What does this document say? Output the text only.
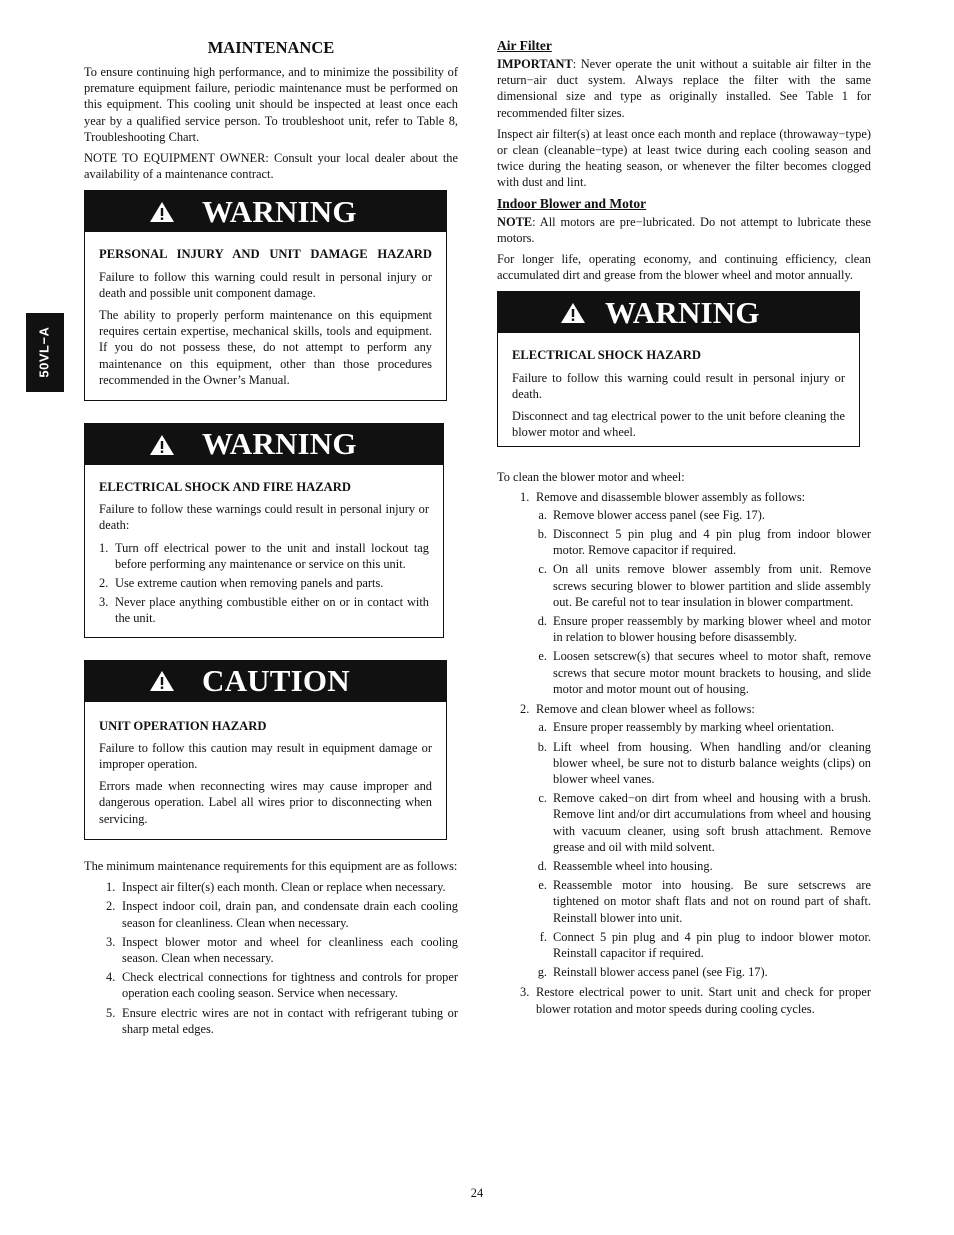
50VL−A
MAINTENANCE
To ensure continuing high performance, and to minimize the possibility of premature equipment failure, periodic maintenance must be performed on this equipment. This cooling unit should be inspected at least once each year by a qualified service person. To troubleshoot unit, refer to Table 8, Troubleshooting Chart.
NOTE TO EQUIPMENT OWNER: Consult your local dealer about the availability of a maintenance contract.
WARNING
PERSONAL INJURY AND UNIT DAMAGE HAZARD
Failure to follow this warning could result in personal injury or death and possible unit component damage.
The ability to properly perform maintenance on this equipment requires certain expertise, mechanical skills, tools and equipment. If you do not possess these, do not attempt to perform any maintenance on this equipment, other than those procedures recommended in the Owner’s Manual.
WARNING
ELECTRICAL SHOCK AND FIRE HAZARD
Failure to follow these warnings could result in personal injury or death:
1. Turn off electrical power to the unit and install lockout tag before performing any maintenance or service on this unit.
2. Use extreme caution when removing panels and parts.
3. Never place anything combustible either on or in contact with the unit.
CAUTION
UNIT OPERATION HAZARD
Failure to follow this caution may result in equipment damage or improper operation.
Errors made when reconnecting wires may cause improper and dangerous operation. Label all wires prior to disconnecting when servicing.
The minimum maintenance requirements for this equipment are as follows:
1. Inspect air filter(s) each month. Clean or replace when necessary.
2. Inspect indoor coil, drain pan, and condensate drain each cooling season for cleanliness. Clean when necessary.
3. Inspect blower motor and wheel for cleanliness each cooling season. Clean when necessary.
4. Check electrical connections for tightness and controls for proper operation each cooling season. Service when necessary.
5. Ensure electric wires are not in contact with refrigerant tubing or sharp metal edges.
Air Filter
IMPORTANT: Never operate the unit without a suitable air filter in the return−air duct system. Always replace the filter with the same dimensional size and type as originally installed. See Table 1 for recommended filter sizes.
Inspect air filter(s) at least once each month and replace (throwaway−type) or clean (cleanable−type) at least twice during each cooling season and twice during the heating season, or whenever the filter becomes clogged with dust and lint.
Indoor Blower and Motor
NOTE: All motors are pre−lubricated. Do not attempt to lubricate these motors.
For longer life, operating economy, and continuing efficiency, clean accumulated dirt and grease from the blower wheel and motor annually.
WARNING
ELECTRICAL SHOCK HAZARD
Failure to follow this warning could result in personal injury or death.
Disconnect and tag electrical power to the unit before cleaning the blower motor and wheel.
To clean the blower motor and wheel:
1. Remove and disassemble blower assembly as follows:
a. Remove blower access panel (see Fig. 17).
b. Disconnect 5 pin plug and 4 pin plug from indoor blower motor. Remove capacitor if required.
c. On all units remove blower assembly from unit. Remove screws securing blower to blower partition and slide assembly out. Be careful not to tear insulation in blower compartment.
d. Ensure proper reassembly by marking blower wheel and motor in relation to blower housing before disassembly.
e. Loosen setscrew(s) that secures wheel to motor shaft, remove screws that secure motor mount brackets to housing, and slide motor and motor mount out of housing.
2. Remove and clean blower wheel as follows:
a. Ensure proper reassembly by marking wheel orientation.
b. Lift wheel from housing. When handling and/or cleaning blower wheel, be sure not to disturb balance weights (clips) on blower wheel vanes.
c. Remove caked−on dirt from wheel and housing with a brush. Remove lint and/or dirt accumulations from wheel and housing with vacuum cleaner, using soft brush attachment. Remove grease and oil with mild solvent.
d. Reassemble wheel into housing.
e. Reassemble motor into housing. Be sure setscrews are tightened on motor shaft flats and not on round part of shaft. Reinstall blower into unit.
f. Connect 5 pin plug and 4 pin plug to indoor blower motor. Reinstall capacitor if required.
g. Reinstall blower access panel (see Fig. 17).
3. Restore electrical power to unit. Start unit and check for proper blower rotation and motor speeds during cooling cycles.
24
